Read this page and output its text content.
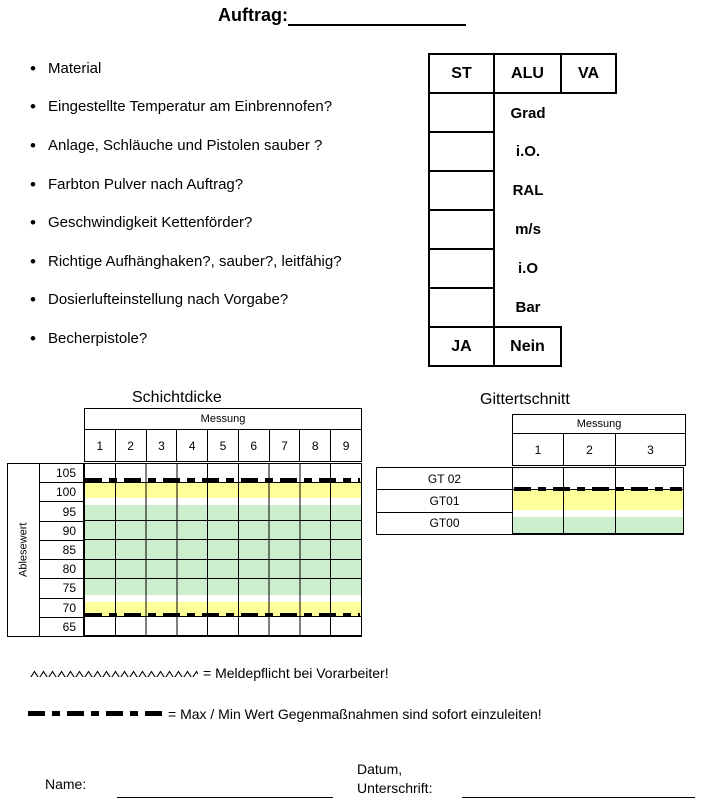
Auftrag:
• Material
• Eingestellte Temperatur am Einbrennofen?
• Anlage, Schläuche und Pistolen sauber ?
• Farbton Pulver nach Auftrag?
• Geschwindigkeit Kettenförder?
• Richtige Aufhänghaken?, sauber?, leitfähig?
• Dosierlufteinstellung nach Vorgabe?
• Becherpistole?
ST	ALU	VA
	Grad	
	i.O.	
	RAL	
	m/s	
	i.O	
	Bar	
JA	Nein	
Schichtdicke
Messung
1	2	3	4	5	6	7	8	9
Ablesewert
105
100
95
90
85
80
75
70
65
Gittertschnitt
Messung
1	2	3
GT 02
GT01
GT00
= Meldepflicht bei Vorarbeiter!
= Max / Min Wert Gegenmaßnahmen sind sofort einzuleiten!
Name:
Datum,
Unterschrift:
